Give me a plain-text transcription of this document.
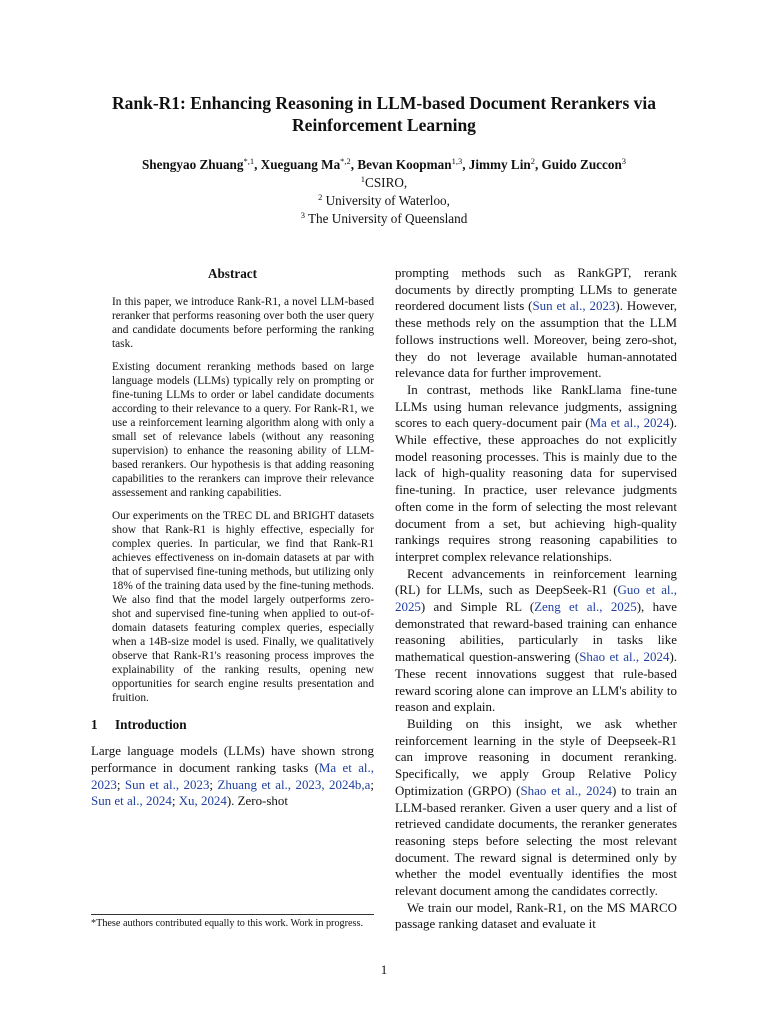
Rank-R1: Enhancing Reasoning in LLM-based Document Rerankers via Reinforcement Learning
Shengyao Zhuang$^{*,1}$, Xueguang $Ma^{*,2}$, Bevan Koopman$^{1,3}$, Jimmy Lin$^2$, Guido Zuccon$^3$
$^1$CSIRO,
$^2$ University of Waterloo,
$^3$ The University of Queensland
Abstract

In this paper, we introduce Rank-R1, a novel LLM-based reranker that performs reasoning over both the user query and candidate documents before performing the ranking task.

Existing document reranking methods based on large language models (LLMs) typically rely on prompting or fine-tuning LLMs to order or label candidate documents according to their relevance to a query. For Rank-R1, we use a reinforcement learning algorithm along with only a small set of relevance labels (without any reasoning supervision) to enhance the reasoning ability of LLM-based rerankers. Our hypothesis is that adding reasoning capabilities to the rerankers can improve their relevance assessement and ranking capabilities.

Our experiments on the TREC DL and BRIGHT datasets show that Rank-R1 is highly effective, especially for complex queries. In particular, we find that Rank-R1 achieves effectiveness on in-domain datasets at par with that of supervised fine-tuning methods, but utilizing only 18% of the training data used by the fine-tuning methods. We also find that the model largely outperforms zero-shot and supervised fine-tuning when applied to out-of-domain datasets featuring complex queries, especially when a 14B-size model is used. Finally, we qualitatively observe that Rank-R1's reasoning process improves the explainability of the ranking results, opening new opportunities for search engine results presentation and fruition.

1 Introduction

Large language models (LLMs) have shown strong performance in document ranking tasks (Ma et al., 2023; Sun et al., 2023; Zhuang et al., 2023, 2024b,a; Sun et al., 2024; Xu, 2024). Zero-shot

prompting methods such as RankGPT, rerank documents by directly prompting LLMs to generate reordered document lists (Sun et al., 2023). However, these methods rely on the assumption that the LLM follows instructions well. Moreover, being zero-shot, they do not leverage available human-annotated relevance data for further improvement.

In contrast, methods like RankLlama fine-tune LLMs using human relevance judgments, assigning scores to each query-document pair (Ma et al., 2024). While effective, these approaches do not explicitly model reasoning processes. This is mainly due to the lack of high-quality reasoning data for supervised fine-tuning. In practice, user relevance judgments often come in the form of selecting the most relevant document from a set, but achieving high-quality rankings requires strong reasoning capabilities to interpret complex relevance relationships.

Recent advancements in reinforcement learning (RL) for LLMs, such as DeepSeek-R1 (Guo et al., 2025) and Simple RL (Zeng et al., 2025), have demonstrated that reward-based training can enhance reasoning abilities, particularly in tasks like mathematical question-answering (Shao et al., 2024). These recent innovations suggest that rule-based reward scoring alone can improve an LLM's ability to reason and explain.

Building on this insight, we ask whether reinforcement learning in the style of Deepseek-R1 can improve reasoning in document reranking. Specifically, we apply Group Relative Policy Optimization (GRPO) (Shao et al., 2024) to train an LLM-based reranker. Given a user query and a list of retrieved candidate documents, the reranker generates reasoning steps before selecting the most relevant document. The reward signal is determined only by whether the model eventually identifies the most relevant document among the candidates correctly.

We train our model, Rank-R1, on the MS MARCO passage ranking dataset and evaluate it

*These authors contributed equally to this work. Work in progress.
1
